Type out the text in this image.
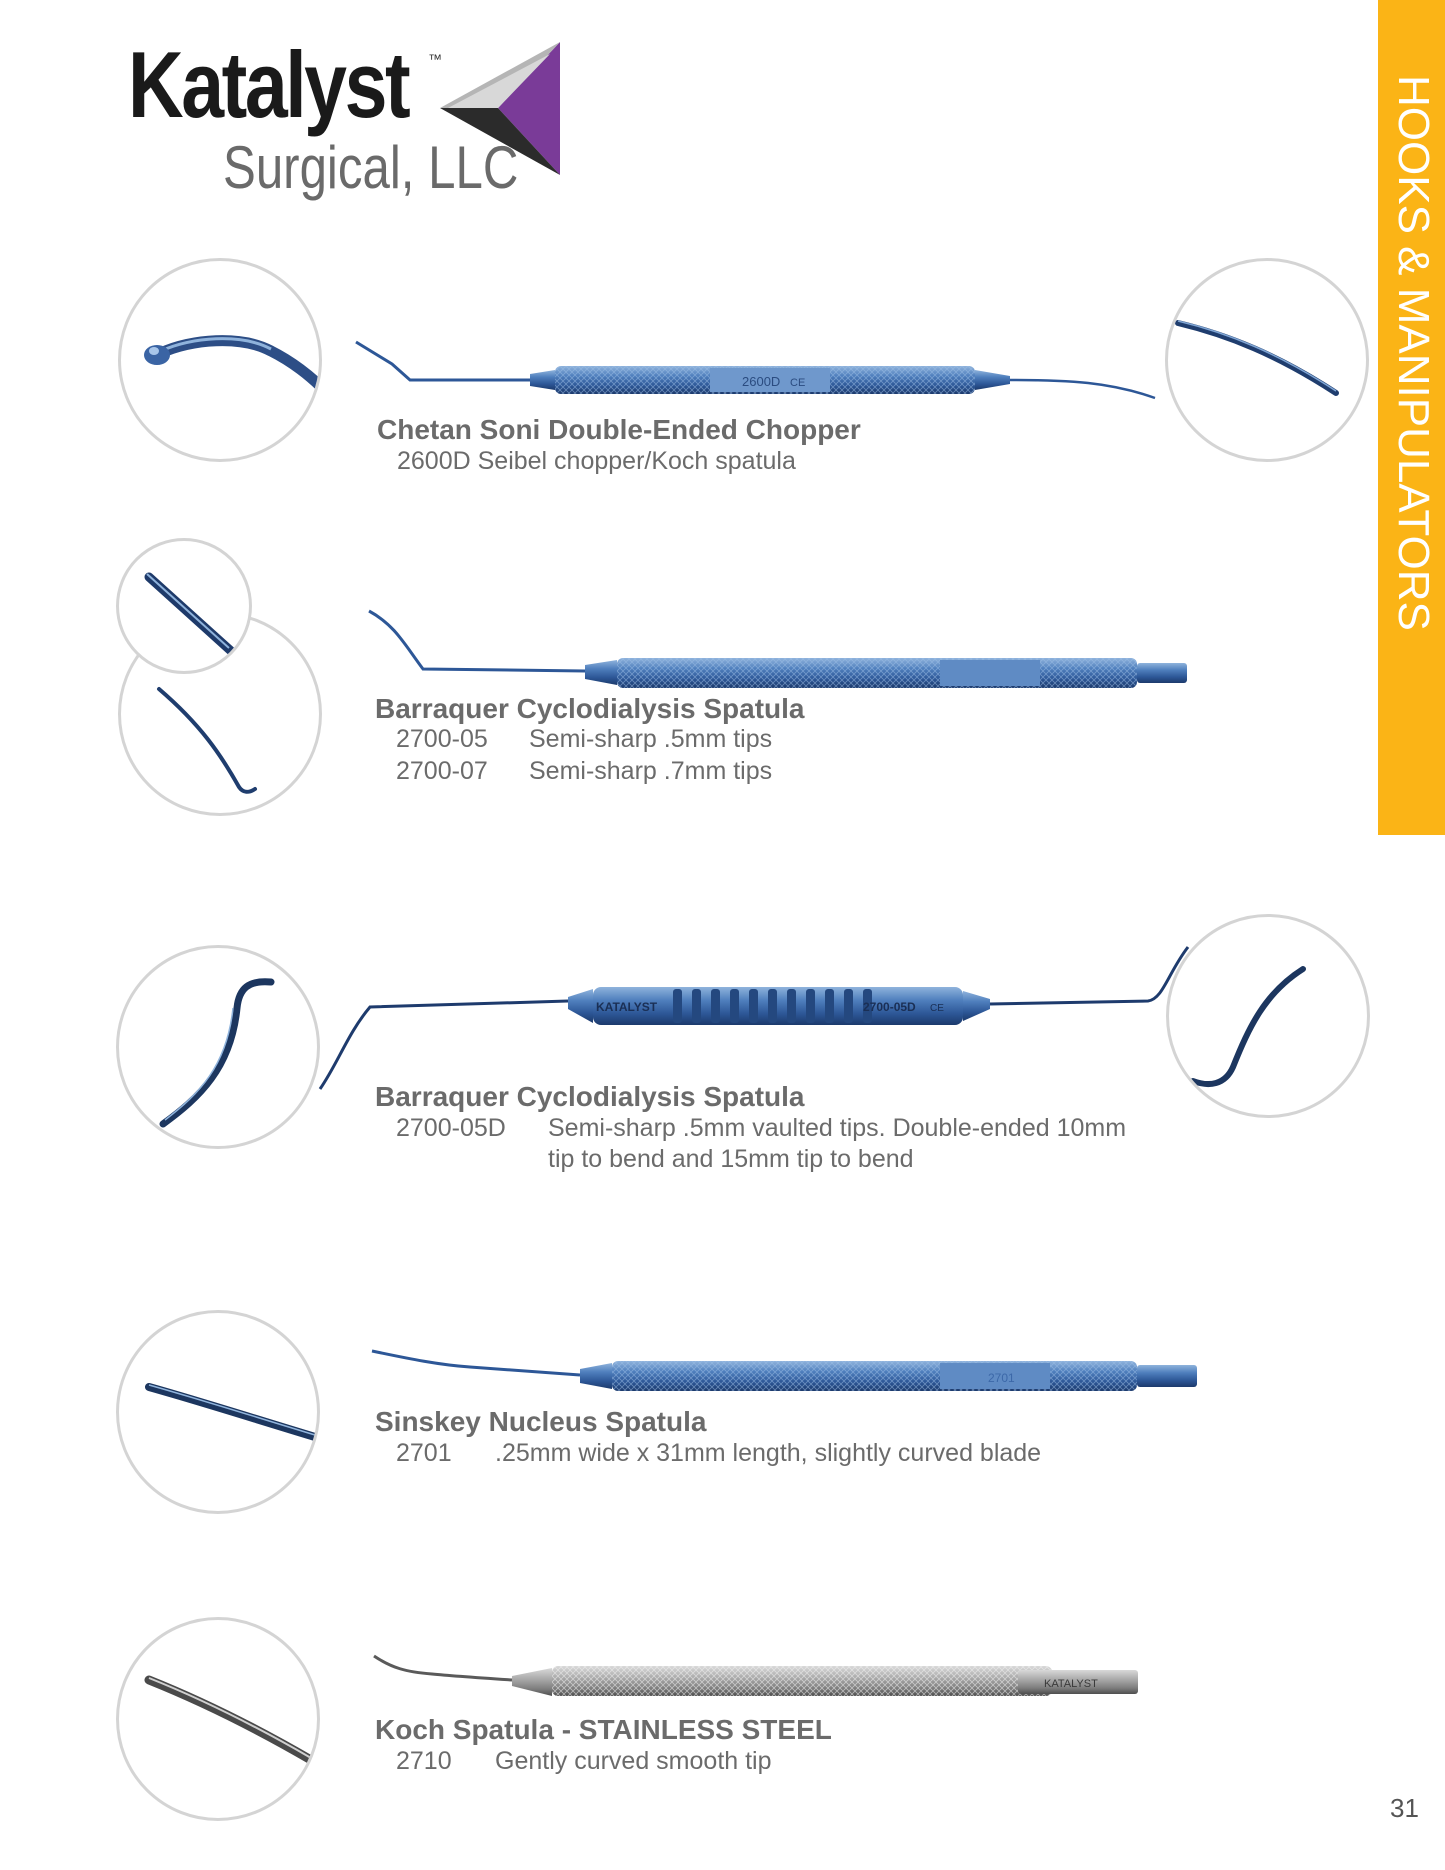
Katalyst ™
Surgical, LLC	HOOKS & MANIPULATORS
2600D CE
Chetan Soni Double-Ended Chopper
2600D Seibel chopper/Koch spatula
Barraquer Cyclodialysis Spatula
2700-05 Semi-sharp .5mm tips
2700-07 Semi-sharp .7mm tips
KATALYST	2700-05D CE
Barraquer Cyclodialysis Spatula
2700-05D Semi-sharp .5mm vaulted tips. Double-ended 10mm
tip to bend and 15mm tip to bend
2701
Sinskey Nucleus Spatula
2701 .25mm wide x 31mm length, slightly curved blade
KATALYST
Koch Spatula - STAINLESS STEEL
2710 Gently curved smooth tip
31
